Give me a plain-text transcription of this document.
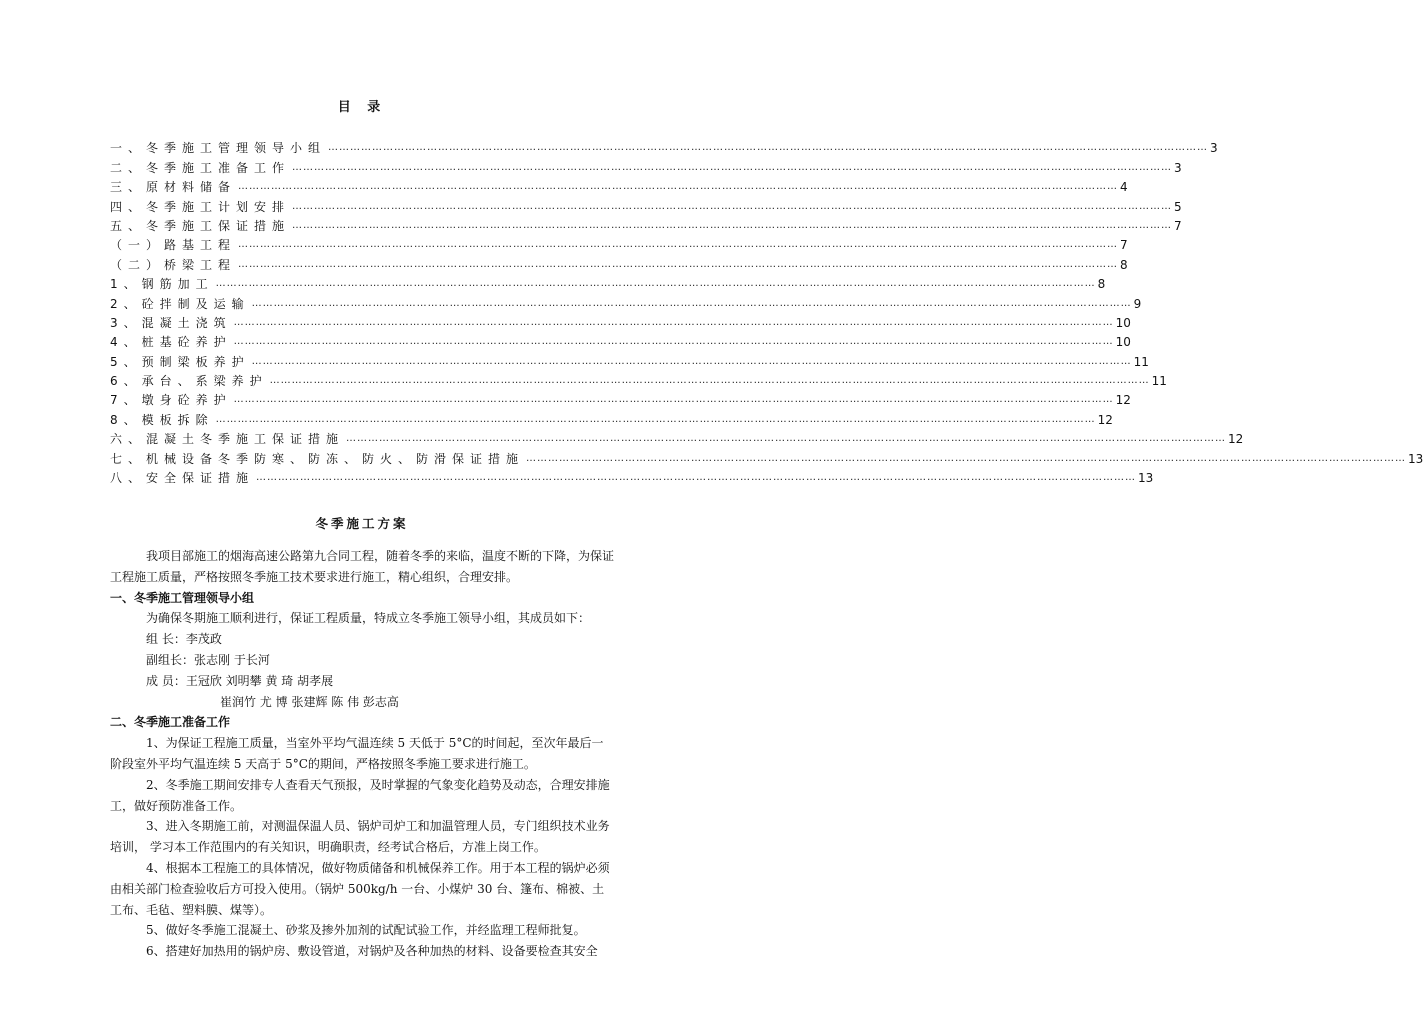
目 录
一、冬季施工管理领导小组 …………………………………………………………………………………………………………………………………………………………………………………………………………………… 3
二、冬季施工准备工作 …………………………………………………………………………………………………………………………………………………………………………………………………………………… 3
三、原材料储备 …………………………………………………………………………………………………………………………………………………………………………………………………………………… 4
四、冬季施工计划安排 …………………………………………………………………………………………………………………………………………………………………………………………………………………… 5
五、冬季施工保证措施 …………………………………………………………………………………………………………………………………………………………………………………………………………………… 7
（一）路基工程 …………………………………………………………………………………………………………………………………………………………………………………………………………………… 7
（二）桥梁工程 …………………………………………………………………………………………………………………………………………………………………………………………………………………… 8
1、钢筋加工 …………………………………………………………………………………………………………………………………………………………………………………………………………………… 8
2、砼拌制及运输 …………………………………………………………………………………………………………………………………………………………………………………………………………………… 9
3、混凝土浇筑 …………………………………………………………………………………………………………………………………………………………………………………………………………………… 10
4、桩基砼养护 …………………………………………………………………………………………………………………………………………………………………………………………………………………… 10
5、预制梁板养护 …………………………………………………………………………………………………………………………………………………………………………………………………………………… 11
6、承台、系梁养护 …………………………………………………………………………………………………………………………………………………………………………………………………………………… 11
7、墩身砼养护 …………………………………………………………………………………………………………………………………………………………………………………………………………………… 12
8、模板拆除 …………………………………………………………………………………………………………………………………………………………………………………………………………………… 12
六、混凝土冬季施工保证措施 …………………………………………………………………………………………………………………………………………………………………………………………………………………… 12
七、机械设备冬季防寒、防冻、防火、防滑保证措施 …………………………………………………………………………………………………………………………………………………………………………………………………………………… 13
八、安全保证措施 …………………………………………………………………………………………………………………………………………………………………………………………………………………… 13
冬季施工方案

我项目部施工的烟海高速公路第九合同工程，随着冬季的来临，温度不断的下降，为保证工程施工质量，严格按照冬季施工技术要求进行施工，精心组织，合理安排。

一、冬季施工管理领导小组

为确保冬期施工顺利进行，保证工程质量，特成立冬季施工领导小组，其成员如下：

组 长：李茂政

副组长：张志刚 于长河

成 员：王冠欣 刘明攀 黄 琦 胡孝展

崔润竹 尤 博 张建辉 陈 伟 彭志高

二、冬季施工准备工作

1、为保证工程施工质量，当室外平均气温连续 5 天低于 5°C的时间起，至次年最后一阶段室外平均气温连续 5 天高于 5°C的期间，严格按照冬季施工要求进行施工。

2、冬季施工期间安排专人查看天气预报，及时掌握的气象变化趋势及动态，合理安排施工，做好预防准备工作。

3、进入冬期施工前，对测温保温人员、锅炉司炉工和加温管理人员，专门组织技术业务培训， 学习本工作范围内的有关知识，明确职责，经考试合格后，方准上岗工作。

4、根据本工程施工的具体情况，做好物质储备和机械保养工作。用于本工程的锅炉必须由相关部门检查验收后方可投入使用。（锅炉 500kg/h 一台、小煤炉 30 台、篷布、棉被、土工布、毛毡、塑料膜、煤等）。

5、做好冬季施工混凝土、砂浆及掺外加剂的试配试验工作，并经监理工程师批复。

6、搭建好加热用的锅炉房、敷设管道，对锅炉及各种加热的材料、设备要检查其安全
